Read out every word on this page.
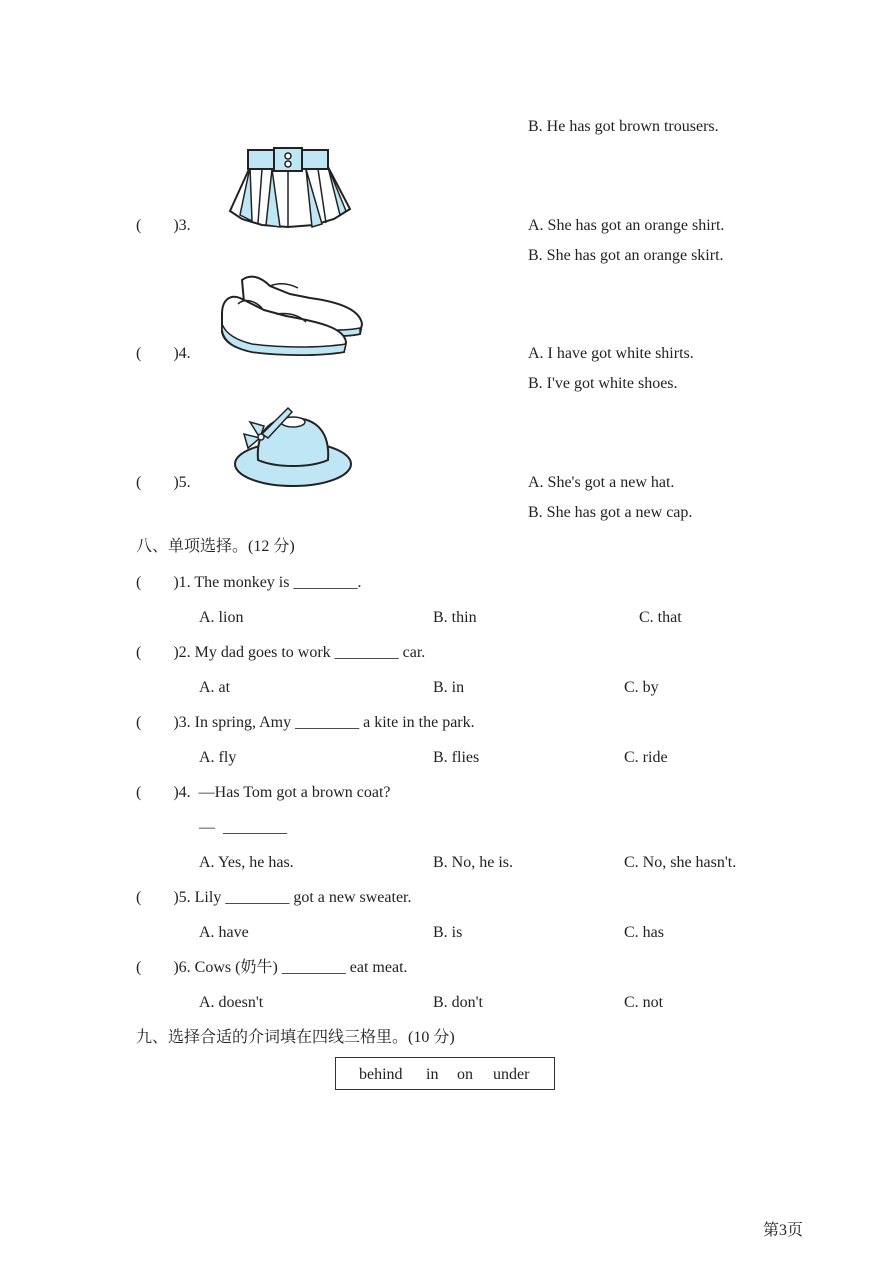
B. He has got brown trousers.
(        )3.	A. She has got an orange shirt.
B. She has got an orange skirt.
(        )4.	A. I have got white shirts.
B. I've got white shoes.
(        )5.	A. She's got a new hat.
B. She has got a new cap.
八、单项选择。(12 分)
(        )1. The monkey is ________.
A. lion	B. thin	C. that
(        )2. My dad goes to work ________ car.
A. at	B. in	C. by
(        )3. In spring, Amy ________ a kite in the park.
A. fly	B. flies	C. ride
(        )4.  —Has Tom got a brown coat?
—  ________
A. Yes, he has.	B. No, he is.	C. No, she hasn't.
(        )5. Lily ________ got a new sweater.
A. have	B. is	C. has
(        )6. Cows (奶牛) ________ eat meat.
A. doesn't	B. don't	C. not
九、选择合适的介词填在四线三格里。(10 分)
behind in on under
第3页
